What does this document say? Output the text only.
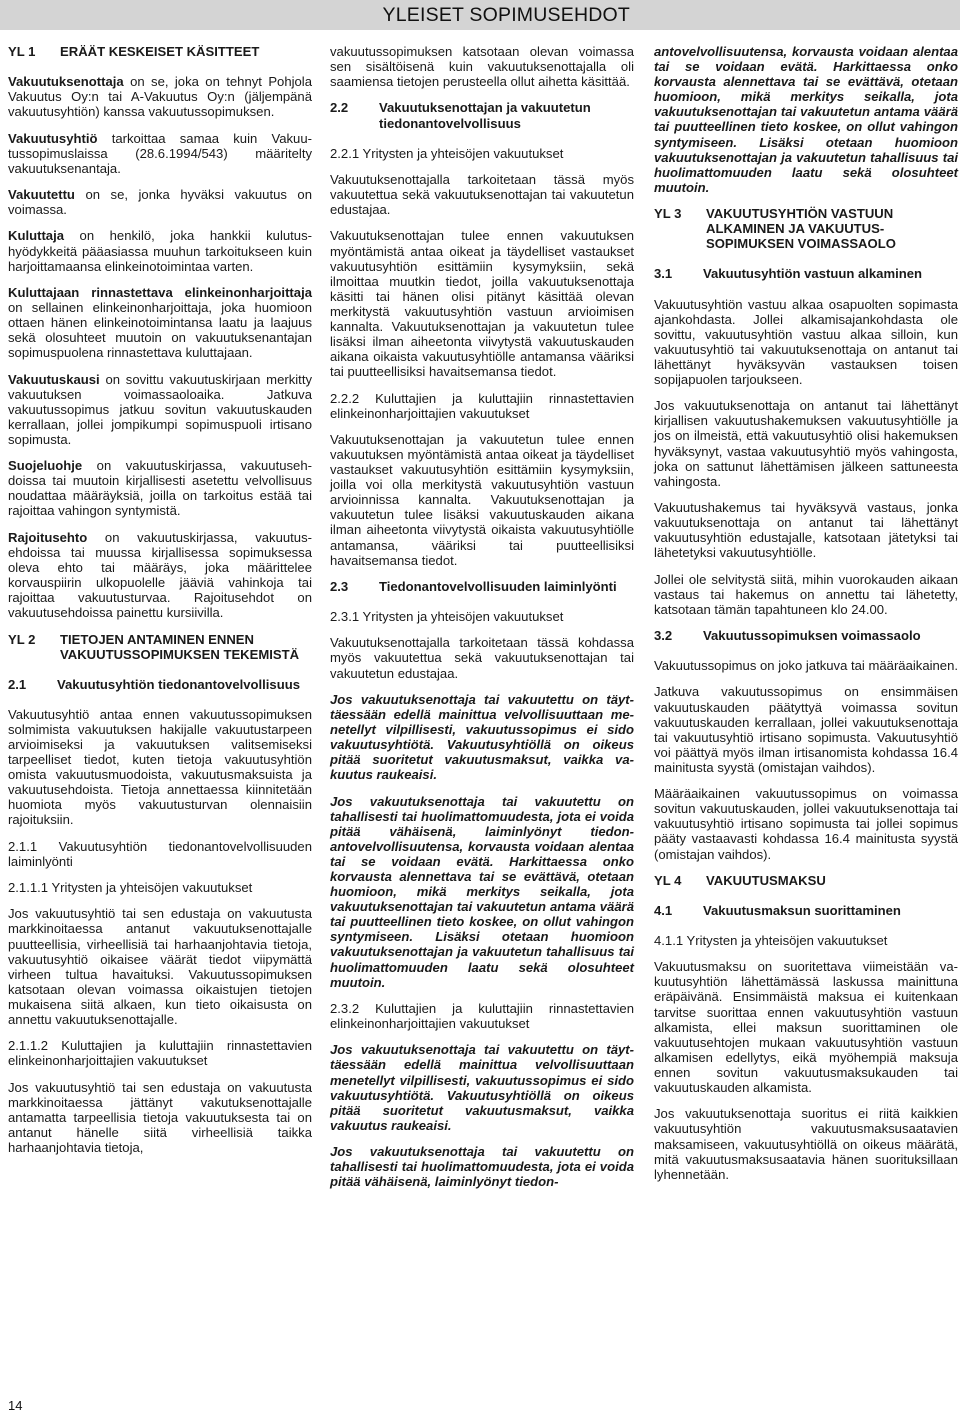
YLEISET SOPIMUSEHDOT
YL 1	ERÄÄT KESKEISET KÄSITTEET

Vakuutuksenottaja on se, joka on tehnyt Pohjola Vakuutus Oy:n tai A-Vakuutus Oy:n (jäljempänä vakuutusyhtiön) kanssa vakuutussopimuksen.

Vakuutusyhtiö tarkoittaa samaa kuin Vakuutussopimuslaissa (28.6.1994/543) määritelty vakuutuksenantaja.

Vakuutettu on se, jonka hyväksi vakuutus on voimassa.

Kuluttaja on henkilö, joka hankkii kulutushyödykkeitä pääasiassa muuhun tarkoitukseen kuin harjoittamaansa elinkeinotoimintaa varten.

Kuluttajaan rinnastettava elinkeinonharjoittaja on sellainen elinkeinonharjoittaja, joka huomioon ottaen hänen elinkeinotoimintansa laatu ja laajuus sekä olosuhteet muutoin on vakuutuksenantajan sopimuspuolena rinnastettava kuluttajaan.

Vakuutuskausi on sovittu vakuutuskirjaan merkitty vakuutuksen voimassaoloaika. Jatkuva vakuutussopimus jatkuu sovitun vakuutuskauden kerrallaan, jollei jompikumpi sopimuspuoli irtisano sopimusta.

Suojeluohje on vakuutuskirjassa, vakuutusehdoissa tai muutoin kirjallisesti asetettu velvollisuus noudattaa määräyksiä, joilla on tarkoitus estää tai rajoittaa vahingon syntymistä.

Rajoitusehto on vakuutuskirjassa, vakuutusehdoissa tai muussa kirjallisessa sopimuksessa oleva ehto tai määräys, joka määrittelee korvauspiirin ulkopuolelle jääviä vahinkoja tai rajoittaa vakuutusturvaa. Rajoitusehdot on vakuutusehdoissa painettu kursiivilla.

YL 2	TIETOJEN ANTAMINEN ENNEN VAKUUTUSSOPIMUKSEN TEKEMISTÄ
2.1	Vakuutusyhtiön tiedonantovelvollisuus

Vakuutusyhtiö antaa ennen vakuutussopimuksen solmimista vakuutuksen hakijalle vakuutustarpeen arvioimiseksi ja vakuutuksen valitsemiseksi tarpeelliset tiedot, kuten tietoja vakuutusyhtiön omista vakuutusmuodoista, vakuutusmaksuista ja vakuutusehdoista. Tietoja annettaessa kiinnitetään huomiota myös vakuutusturvan olennaisiin rajoituksiin.

2.1.1 Vakuutusyhtiön tiedonantovelvollisuuden laiminlyönti

2.1.1.1 Yritysten ja yhteisöjen vakuutukset

Jos vakuutusyhtiö tai sen edustaja on vakuutusta markkinoitaessa antanut vakuutuksenottajalle puutteellisia, virheellisiä tai harhaanjohtavia tietoja, vakuutusyhtiö oikaisee väärät tiedot viipymättä virheen tultua havaituksi. Vakuutussopimuksen katsotaan olevan voimassa oikaistujen tietojen mukaisena siitä alkaen, kun tieto oikaisusta on annettu vakuutuksenottajalle.

2.1.1.2 Kuluttajien ja kuluttajiin rinnastettavien elinkeinonharjoittajien vakuutukset

Jos vakuutusyhtiö tai sen edustaja on vakuutusta markkinoitaessa jättänyt vakutuksenottajalle antamatta tarpeellisia tietoja vakuutuksesta tai on antanut hänelle siitä virheellisiä taikka harhaanjohtavia tietoja,

vakuutussopimuksen katsotaan olevan voimassa sen sisältöisenä kuin vakuutuksenottajalla oli saamiensa tietojen perusteella ollut aihetta käsittää.

2.2	Vakuutuksenottajan ja vakuutetun tiedonantovelvollisuus

2.2.1 Yritysten ja yhteisöjen vakuutukset

Vakuutuksenottajalla tarkoitetaan tässä myös vakuutettua sekä vakuutuksenottajan tai vakuutetun edustajaa.

Vakuutuksenottajan tulee ennen vakuutuksen myöntämistä antaa oikeat ja täydelliset vastaukset vakuutusyhtiön esittämiin kysymyksiin, sekä ilmoittaa muutkin tiedot, joilla vakuutuksenottaja käsitti tai hänen olisi pitänyt käsittää olevan merkitystä vakuutusyhtiön vastuun arvioimisen kannalta. Vakuutuksenottajan ja vakuutetun tulee lisäksi ilman aiheetonta viivytystä vakuutuskauden aikana oikaista vakuutusyhtiölle antamansa vääriksi tai puutteellisiksi havaitsemansa tiedot.

2.2.2 Kuluttajien ja kuluttajiin rinnastettavien elinkeinonharjoittajien vakuutukset

Vakuutuksenottajan ja vakuutetun tulee ennen vakuutuksen myöntämistä antaa oikeat ja täydelliset vastaukset vakuutusyhtiön esittämiin kysymyksiin, joilla voi olla merkitystä vakuutusyhtiön vastuun arvioinnissa kannalta. Vakuutuksenottajan ja vakuutetun tulee lisäksi vakuutuskauden aikana ilman aiheetonta viivytystä oikaista vakuutusyhtiölle antamansa, vääriksi tai puutteellisiksi havaitsemansa tiedot.

2.3	Tiedonantovelvollisuuden laiminlyönti

2.3.1 Yritysten ja yhteisöjen vakuutukset

Vakuutuksenottajalla tarkoitetaan tässä kohdassa myös vakuutettua sekä vakuutuksenottajan tai vakuutetun edustajaa.

Jos vakuutuksenottaja tai vakuutettu on täyttäessään edellä mainittua velvollisuuttaan menetellyt vilpillisesti, vakuutussopimus ei sido vakuutusyhtiötä. Vakuutusyhtiöllä on oikeus pitää suoritetut vakuutusmaksut, vaikka vakuutus raukeaisi.

Jos vakuutuksenottaja tai vakuutettu on tahallisesti tai huolimattomuudesta, jota ei voida pitää vähäisenä, laiminlyönyt tiedonantovelvollisuutensa, korvausta voidaan alentaa tai se voidaan evätä. Harkittaessa onko korvausta alennettava tai se evättävä, otetaan huomioon, mikä merkitys seikalla, jota vakuutuksenottajan tai vakuutetun antama väärä tai puutteellinen tieto koskee, on ollut vahingon syntymiseen. Lisäksi otetaan huomioon vakuutuksenottajan ja vakuutetun tahallisuus tai huolimattomuuden laatu sekä olosuhteet muutoin.

2.3.2 Kuluttajien ja kuluttajiin rinnastettavien elinkeinonharjoittajien vakuutukset

Jos vakuutuksenottaja tai vakuutettu on täyttäessään edellä mainittua velvollisuuttaan menetellyt vilpillisesti, vakuutussopimus ei sido vakuutusyhtiötä. Vakuutusyhtiöllä on oikeus pitää suoritetut vakuutusmaksut, vaikka vakuutus raukeaisi.

Jos vakuutuksenottaja tai vakuutettu on tahallisesti tai huolimattomuudesta, jota ei voida pitää vähäisenä, laiminlyönyt tiedon-

antovelvollisuutensa, korvausta voidaan alentaa tai se voidaan evätä. Harkittaessa onko korvausta alennettava tai se evättävä, otetaan huomioon, mikä merkitys seikalla, jota vakuutuksenottajan tai vakuutetun antama väärä tai puutteellinen tieto koskee, on ollut vahingon syntymiseen. Lisäksi otetaan huomioon vakuutuksenottajan ja vakuutetun tahallisuus tai huolimattomuuden laatu sekä olosuhteet muutoin.

YL 3	VAKUUTUSYHTIÖN VASTUUN ALKAMINEN JA VAKUUTUSSOPIMUKSEN VOIMASSAOLO
3.1	Vakuutusyhtiön vastuun alkaminen

Vakuutusyhtiön vastuu alkaa osapuolten sopimasta ajankohdasta. Jollei alkamisajankohdasta ole sovittu, vakuutusyhtiön vastuu alkaa silloin, kun vakuutusyhtiö tai vakuutuksenottaja on antanut tai lähettänyt hyväksyvän vastauksen toisen sopijapuolen tarjoukseen.

Jos vakuutuksenottaja on antanut tai lähettänyt kirjallisen vakuutushakemuksen vakuutusyhtiölle ja jos on ilmeistä, että vakuutusyhtiö olisi hakemuksen hyväksynyt, vastaa vakuutusyhtiö myös vahingosta, joka on sattunut lähettämisen jälkeen sattuneesta vahingosta.

Vakuutushakemus tai hyväksyvä vastaus, jonka vakuutuksenottaja on antanut tai lähettänyt vakuutusyhtiön edustajalle, katsotaan jätetyksi tai lähetetyksi vakuutusyhtiölle.

Jollei ole selvitystä siitä, mihin vuorokauden aikaan vastaus tai hakemus on annettu tai lähetetty, katsotaan tämän tapahtuneen klo 24.00.

3.2	Vakuutussopimuksen voimassaolo

Vakuutussopimus on joko jatkuva tai määräaikainen.

Jatkuva vakuutussopimus on ensimmäisen vakuutuskauden päätyttyä voimassa sovitun vakuutuskauden kerrallaan, jollei vakuutuksenottaja tai vakuutusyhtiö irtisano sopimusta. Vakuutusyhtiö voi päättyä myös ilman irtisanomista kohdassa 16.4 mainitusta syystä (omistajan vaihdos).

Määräaikainen vakuutussopimus on voimassa sovitun vakuutuskauden, jollei vakuutuksenottaja tai vakuutusyhtiö irtisano sopimusta tai jollei sopimus pääty vastaavasti kohdassa 16.4 mainitusta syystä (omistajan vaihdos).

YL 4	VAKUUTUSMAKSU
4.1	Vakuutusmaksun suorittaminen

4.1.1 Yritysten ja yhteisöjen vakuutukset

Vakuutusmaksu on suoritettava viimeistään vakuutusyhtiön lähettämässä laskussa mainittuna eräpäivänä. Ensimmäistä maksua ei kuitenkaan tarvitse suorittaa ennen vakuutusyhtiön vastuun alkamista, ellei maksun suorittaminen ole vakuutusehtojen mukaan vakuutusyhtiön vastuun alkamisen edellytys, eikä myöhempiä maksuja ennen sovitun vakuutusmaksukauden tai vakuutuskauden alkamista.

Jos vakuutuksenottaja suoritus ei riitä kaikkien vakuutusyhtiön vakuutusmaksusaatavien maksamiseen, vakuutusyhtiöllä on oikeus määrätä, mitä vakuutusmaksusaatavia hänen suorituksillaan lyhennetään.

14
